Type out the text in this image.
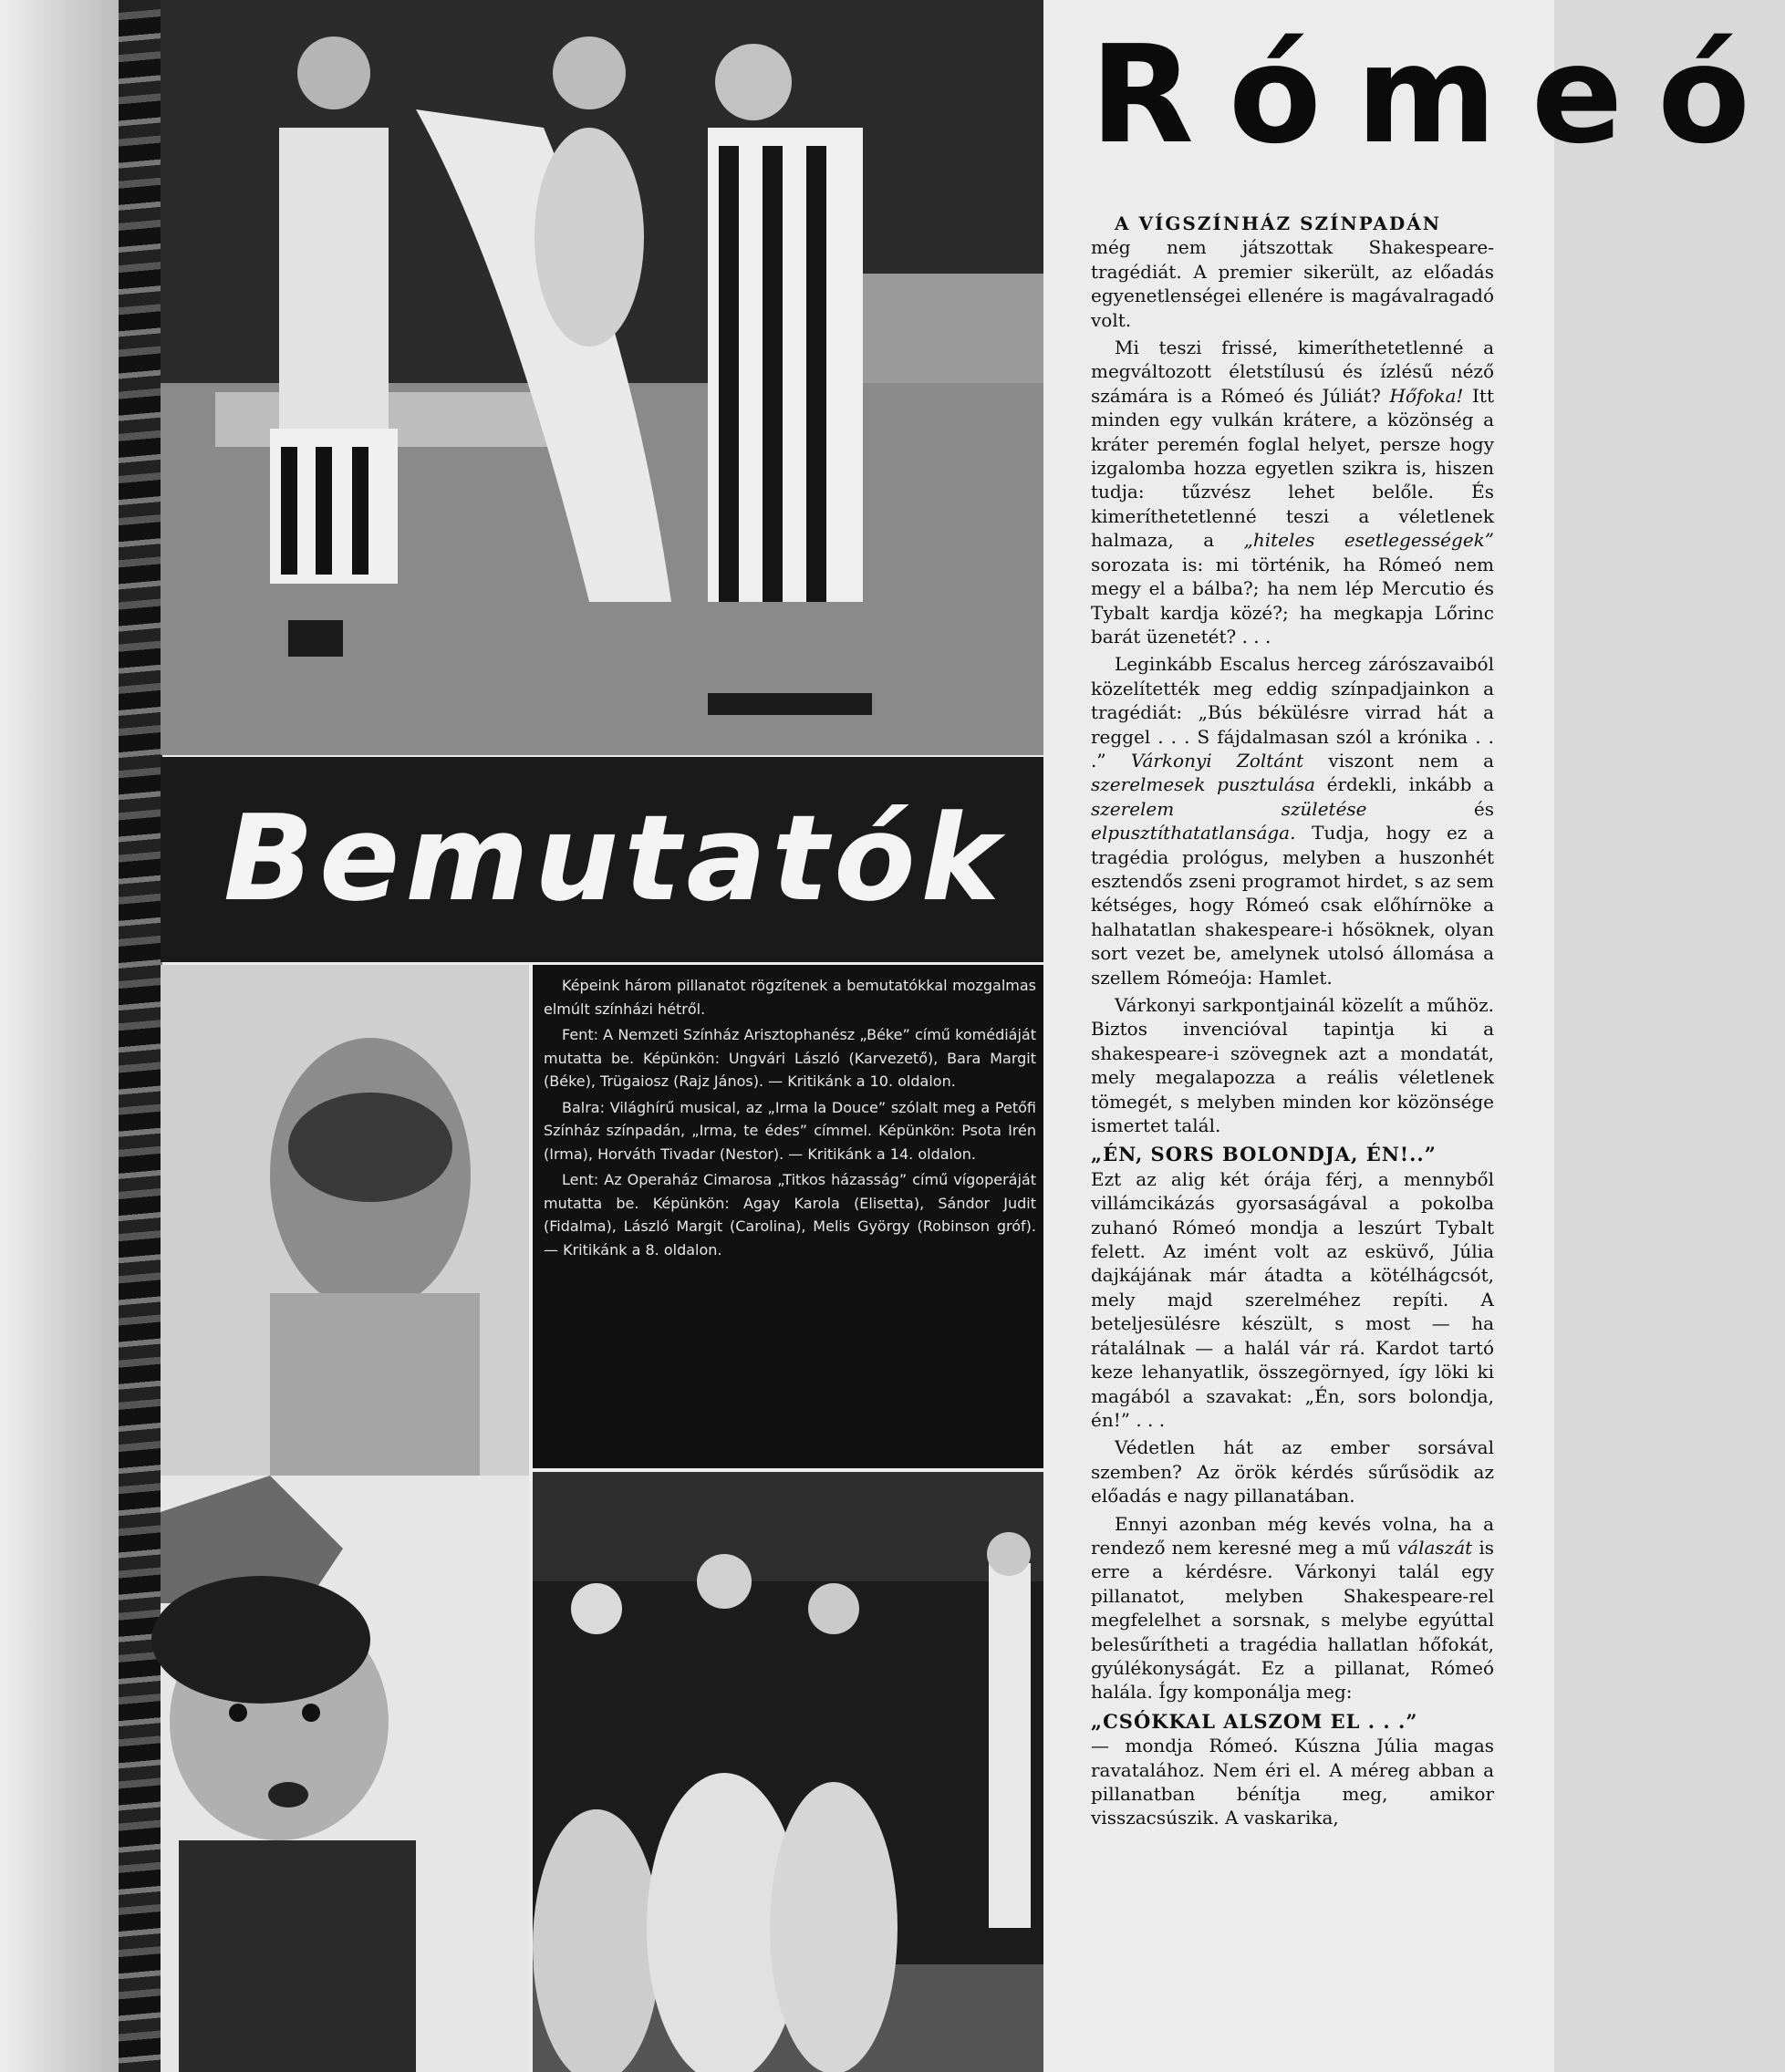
Bemutatók

Képeink három pillanatot rögzítenek a bemutatókkal mozgalmas elmúlt színházi hétről.

Fent: A Nemzeti Színház Arisztophanész „Béke” című komédiáját mutatta be. Képünkön: Ungvári László (Karvezető), Bara Margit (Béke), Trügaiosz (Rajz János). — Kritikánk a 10. oldalon.

Balra: Világhírű musical, az „Irma la Douce” szólalt meg a Petőfi Színház színpadán, „Irma, te édes” címmel. Képünkön: Psota Irén (Irma), Horváth Tivadar (Nestor). — Kritikánk a 14. oldalon.

Lent: Az Operaház Cimarosa „Titkos házasság” című vígoperáját mutatta be. Képünkön: Agay Karola (Elisetta), Sándor Judit (Fidalma), László Margit (Carolina), Melis György (Robinson gróf). — Kritikánk a 8. oldalon.

Rómeó

A VÍGSZÍNHÁZ SZÍNPADÁN
még nem játszottak Shakespeare-tragédiát. A premier sikerült, az előadás egyenetlenségei ellenére is magávalragadó volt.

Mi teszi frissé, kimeríthetetlenné a megváltozott életstílusú és ízlésű néző számára is a Rómeó és Júliát? Hőfoka! Itt minden egy vulkán krátere, a közönség a kráter peremén foglal helyet, persze hogy izgalomba hozza egyetlen szikra is, hiszen tudja: tűzvész lehet belőle. És kimeríthetetlenné teszi a véletlenek halmaza, a „hiteles esetlegességek” sorozata is: mi történik, ha Rómeó nem megy el a bálba?; ha nem lép Mercutio és Tybalt kardja közé?; ha megkapja Lőrinc barát üzenetét? . . .

Leginkább Escalus herceg zárószavaiból közelítették meg eddig színpadjainkon a tragédiát: „Bús békülésre virrad hát a reggel . . . S fájdalmasan szól a krónika . . .” Várkonyi Zoltánt viszont nem a szerelmesek pusztulása érdekli, inkább a szerelem születése és elpusztíthatatlansága. Tudja, hogy ez a tragédia prológus, melyben a huszonhét esztendős zseni programot hirdet, s az sem kétséges, hogy Rómeó csak előhírnöke a halhatatlan shakespeare-i hősöknek, olyan sort vezet be, amelynek utolsó állomása a szellem Rómeója: Hamlet.

Várkonyi sarkpontjainál közelít a műhöz. Biztos invencióval tapintja ki a shakespeare-i szövegnek azt a mondatát, mely megalapozza a reális véletlenek tömegét, s melyben minden kor közönsége ismertet talál.

„ÉN, SORS BOLONDJA, ÉN!..”

Ezt az alig két órája férj, a mennyből villámcikázás gyorsaságával a pokolba zuhanó Rómeó mondja a leszúrt Tybalt felett. Az imént volt az esküvő, Júlia dajkájának már átadta a kötélhágcsót, mely majd szerelméhez repíti. A beteljesülésre készült, s most — ha rátalálnak — a halál vár rá. Kardot tartó keze lehanyatlik, összegörnyed, így löki ki magából a szavakat: „Én, sors bolondja, én!” . . .

Védetlen hát az ember sorsával szemben? Az örök kérdés sűrűsödik az előadás e nagy pillanatában.

Ennyi azonban még kevés volna, ha a rendező nem keresné meg a mű válaszát is erre a kérdésre. Várkonyi talál egy pillanatot, melyben Shakespeare-rel megfelelhet a sorsnak, s melybe egyúttal belesűrítheti a tragédia hallatlan hőfokát, gyúlékonyságát. Ez a pillanat, Rómeó halála. Így komponálja meg:

„CSÓKKAL ALSZOM EL . . .”

— mondja Rómeó. Kúszna Júlia magas ravatalához. Nem éri el. A méreg abban a pillanatban bénítja meg, amikor visszacsúszik. A vaskarika,
